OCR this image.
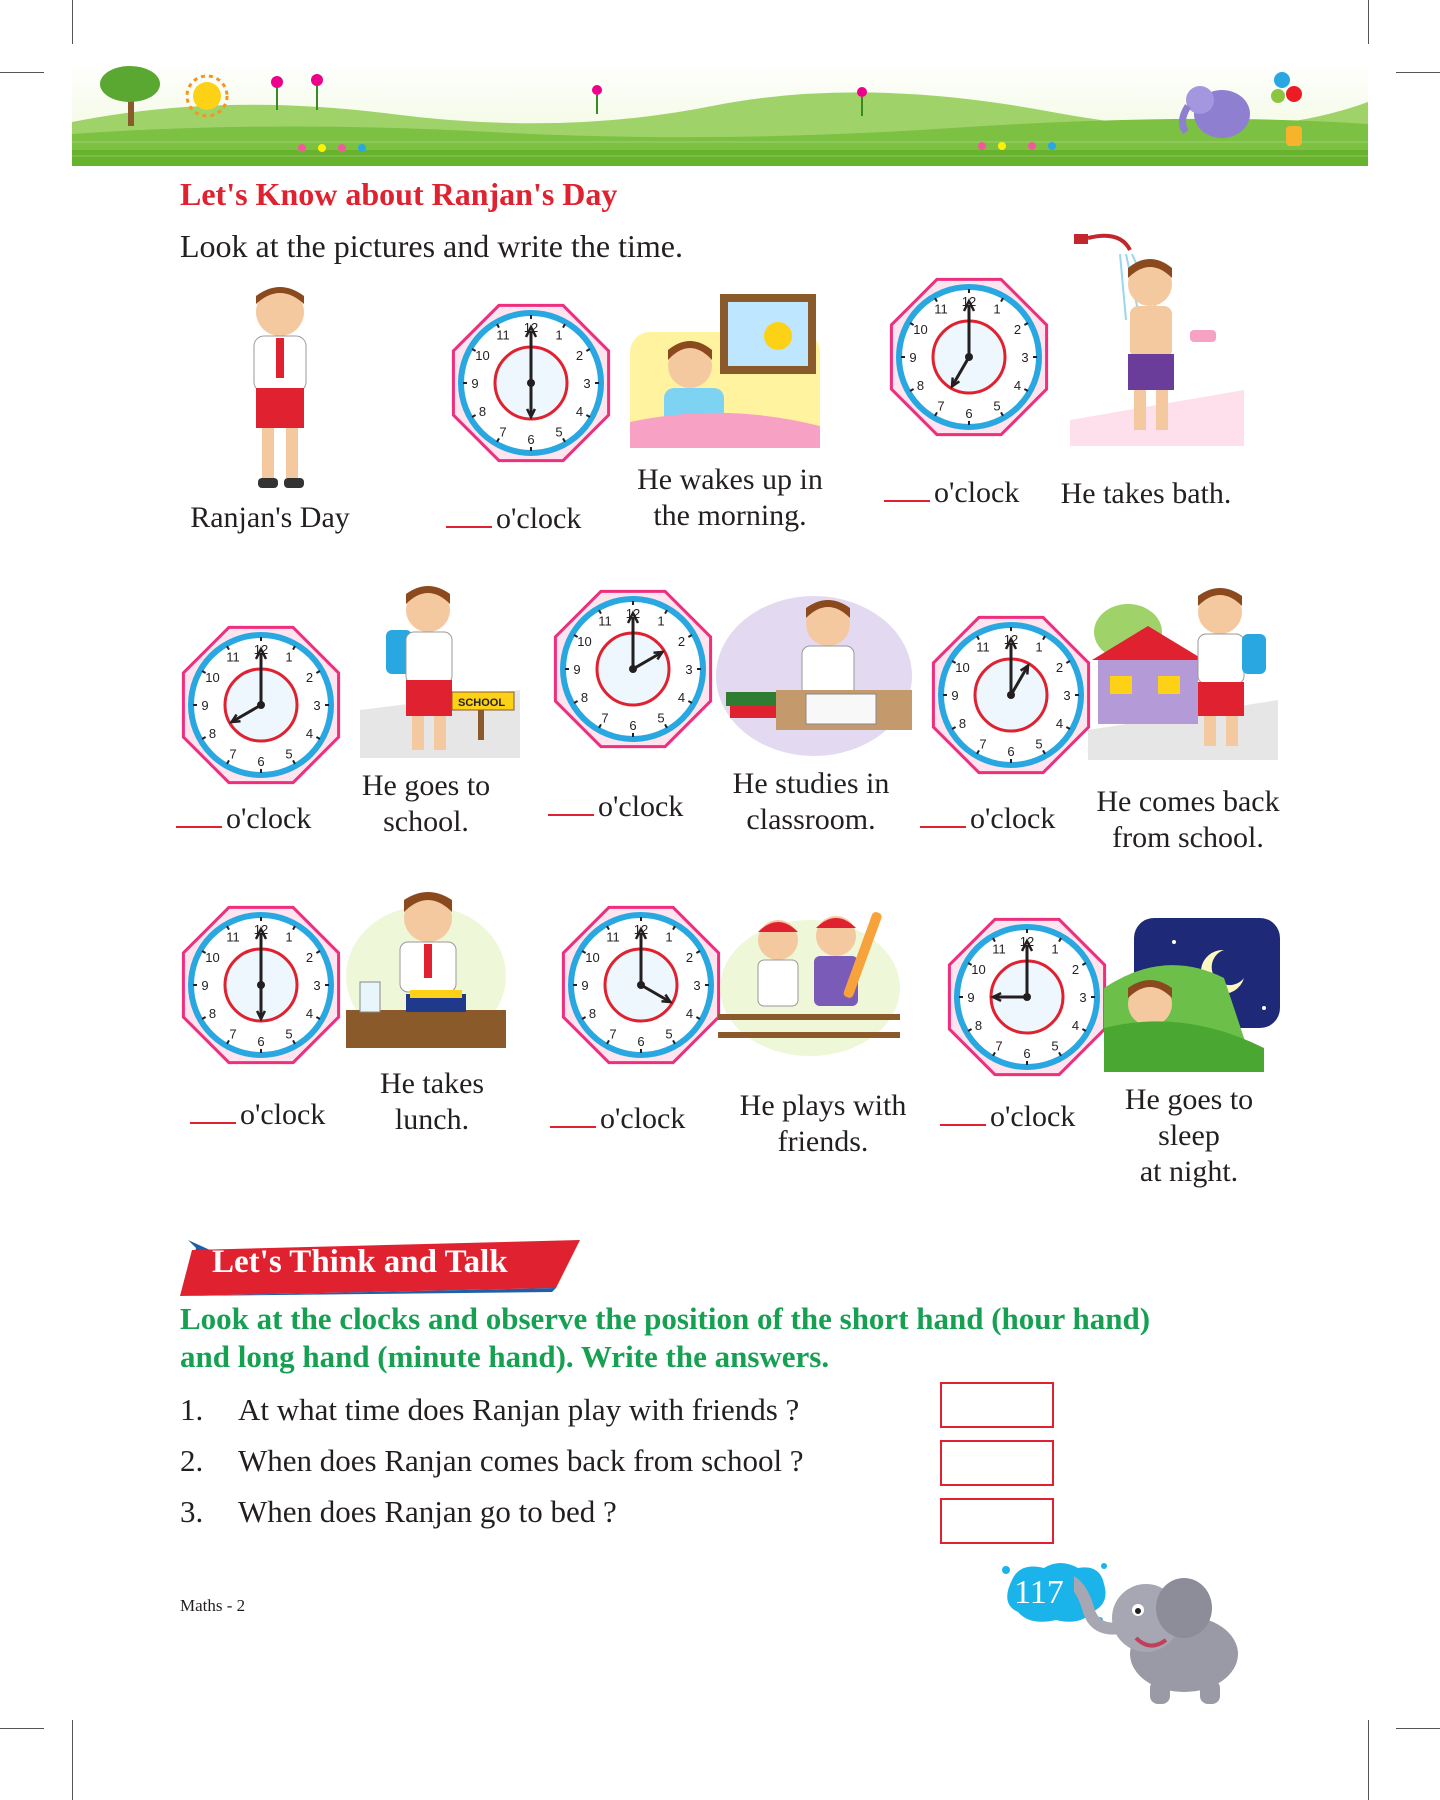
Let's Know about Ranjan's Day
Look at the pictures and write the time.
Ranjan's Day
1
2
3
4
5
6
7
8
9
10
11 12
He wakes up in
the morning.
o'clock
1
2
3
4
5
6
7
8
9
10
11 12
He takes bath.
o'clock
1
2
3
4
5
6
7
8
9
10
11 12
SCHOOL
He goes to
school.
o'clock
1
2
3
4
5
6
7
8
9
10
11 12
He studies in
classroom.
o'clock
1
2
3
4
5
6
7
8
9
10
11 12
He comes back
from school.
o'clock
1
2
3
4
5
6
7
8
9
10
11 12
He takes
lunch.
o'clock
1
2
3
4
5
6
7
8
9
10
11 12
He plays with
friends.
o'clock
1
2
3
4
5
6
7
8
9
10
11 12
He goes to
sleep
at night.
o'clock
Let's Think and Talk
Look at the clocks and observe the position of the short hand (hour hand)
and long hand (minute hand). Write the answers.
1. At what time does Ranjan play with friends ?
2. When does Ranjan comes back from school ?
3. When does Ranjan go to bed ?
Maths - 2	117
